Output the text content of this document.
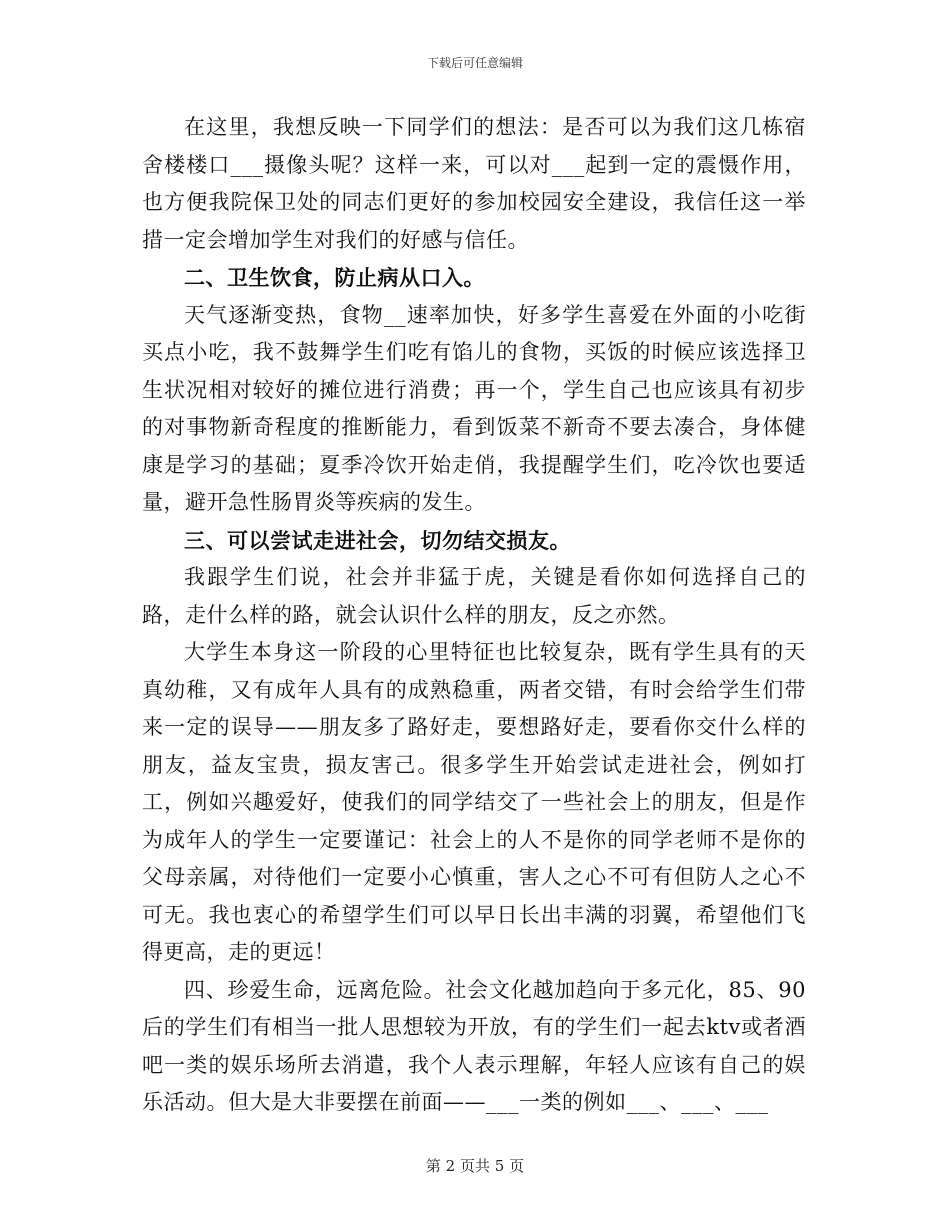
下载后可任意编辑

在这里，我想反映一下同学们的想法：是否可以为我们这几栋宿舍楼楼口___摄像头呢？这样一来，可以对___起到一定的震慑作用，也方便我院保卫处的同志们更好的参加校园安全建设，我信任这一举措一定会增加学生对我们的好感与信任。

二、卫生饮食，防止病从口入。

天气逐渐变热，食物__速率加快，好多学生喜爱在外面的小吃街买点小吃，我不鼓舞学生们吃有馅儿的食物，买饭的时候应该选择卫生状况相对较好的摊位进行消费；再一个，学生自己也应该具有初步的对事物新奇程度的推断能力，看到饭菜不新奇不要去凑合，身体健康是学习的基础；夏季冷饮开始走俏，我提醒学生们，吃冷饮也要适量，避开急性肠胃炎等疾病的发生。

三、可以尝试走进社会，切勿结交损友。

我跟学生们说，社会并非猛于虎，关键是看你如何选择自己的路，走什么样的路，就会认识什么样的朋友，反之亦然。

大学生本身这一阶段的心里特征也比较复杂，既有学生具有的天真幼稚，又有成年人具有的成熟稳重，两者交错，有时会给学生们带来一定的误导——朋友多了路好走，要想路好走，要看你交什么样的朋友，益友宝贵，损友害己。很多学生开始尝试走进社会，例如打工，例如兴趣爱好，使我们的同学结交了一些社会上的朋友，但是作为成年人的学生一定要谨记：社会上的人不是你的同学老师不是你的父母亲属，对待他们一定要小心慎重，害人之心不可有但防人之心不可无。我也衷心的希望学生们可以早日长出丰满的羽翼，希望他们飞得更高，走的更远！

四、珍爱生命，远离危险。社会文化越加趋向于多元化，85、90后的学生们有相当一批人思想较为开放，有的学生们一起去ktv或者酒吧一类的娱乐场所去消遣，我个人表示理解，年轻人应该有自己的娱乐活动。但大是大非要摆在前面——___一类的例如___、___、___

第 2 页共 5 页
